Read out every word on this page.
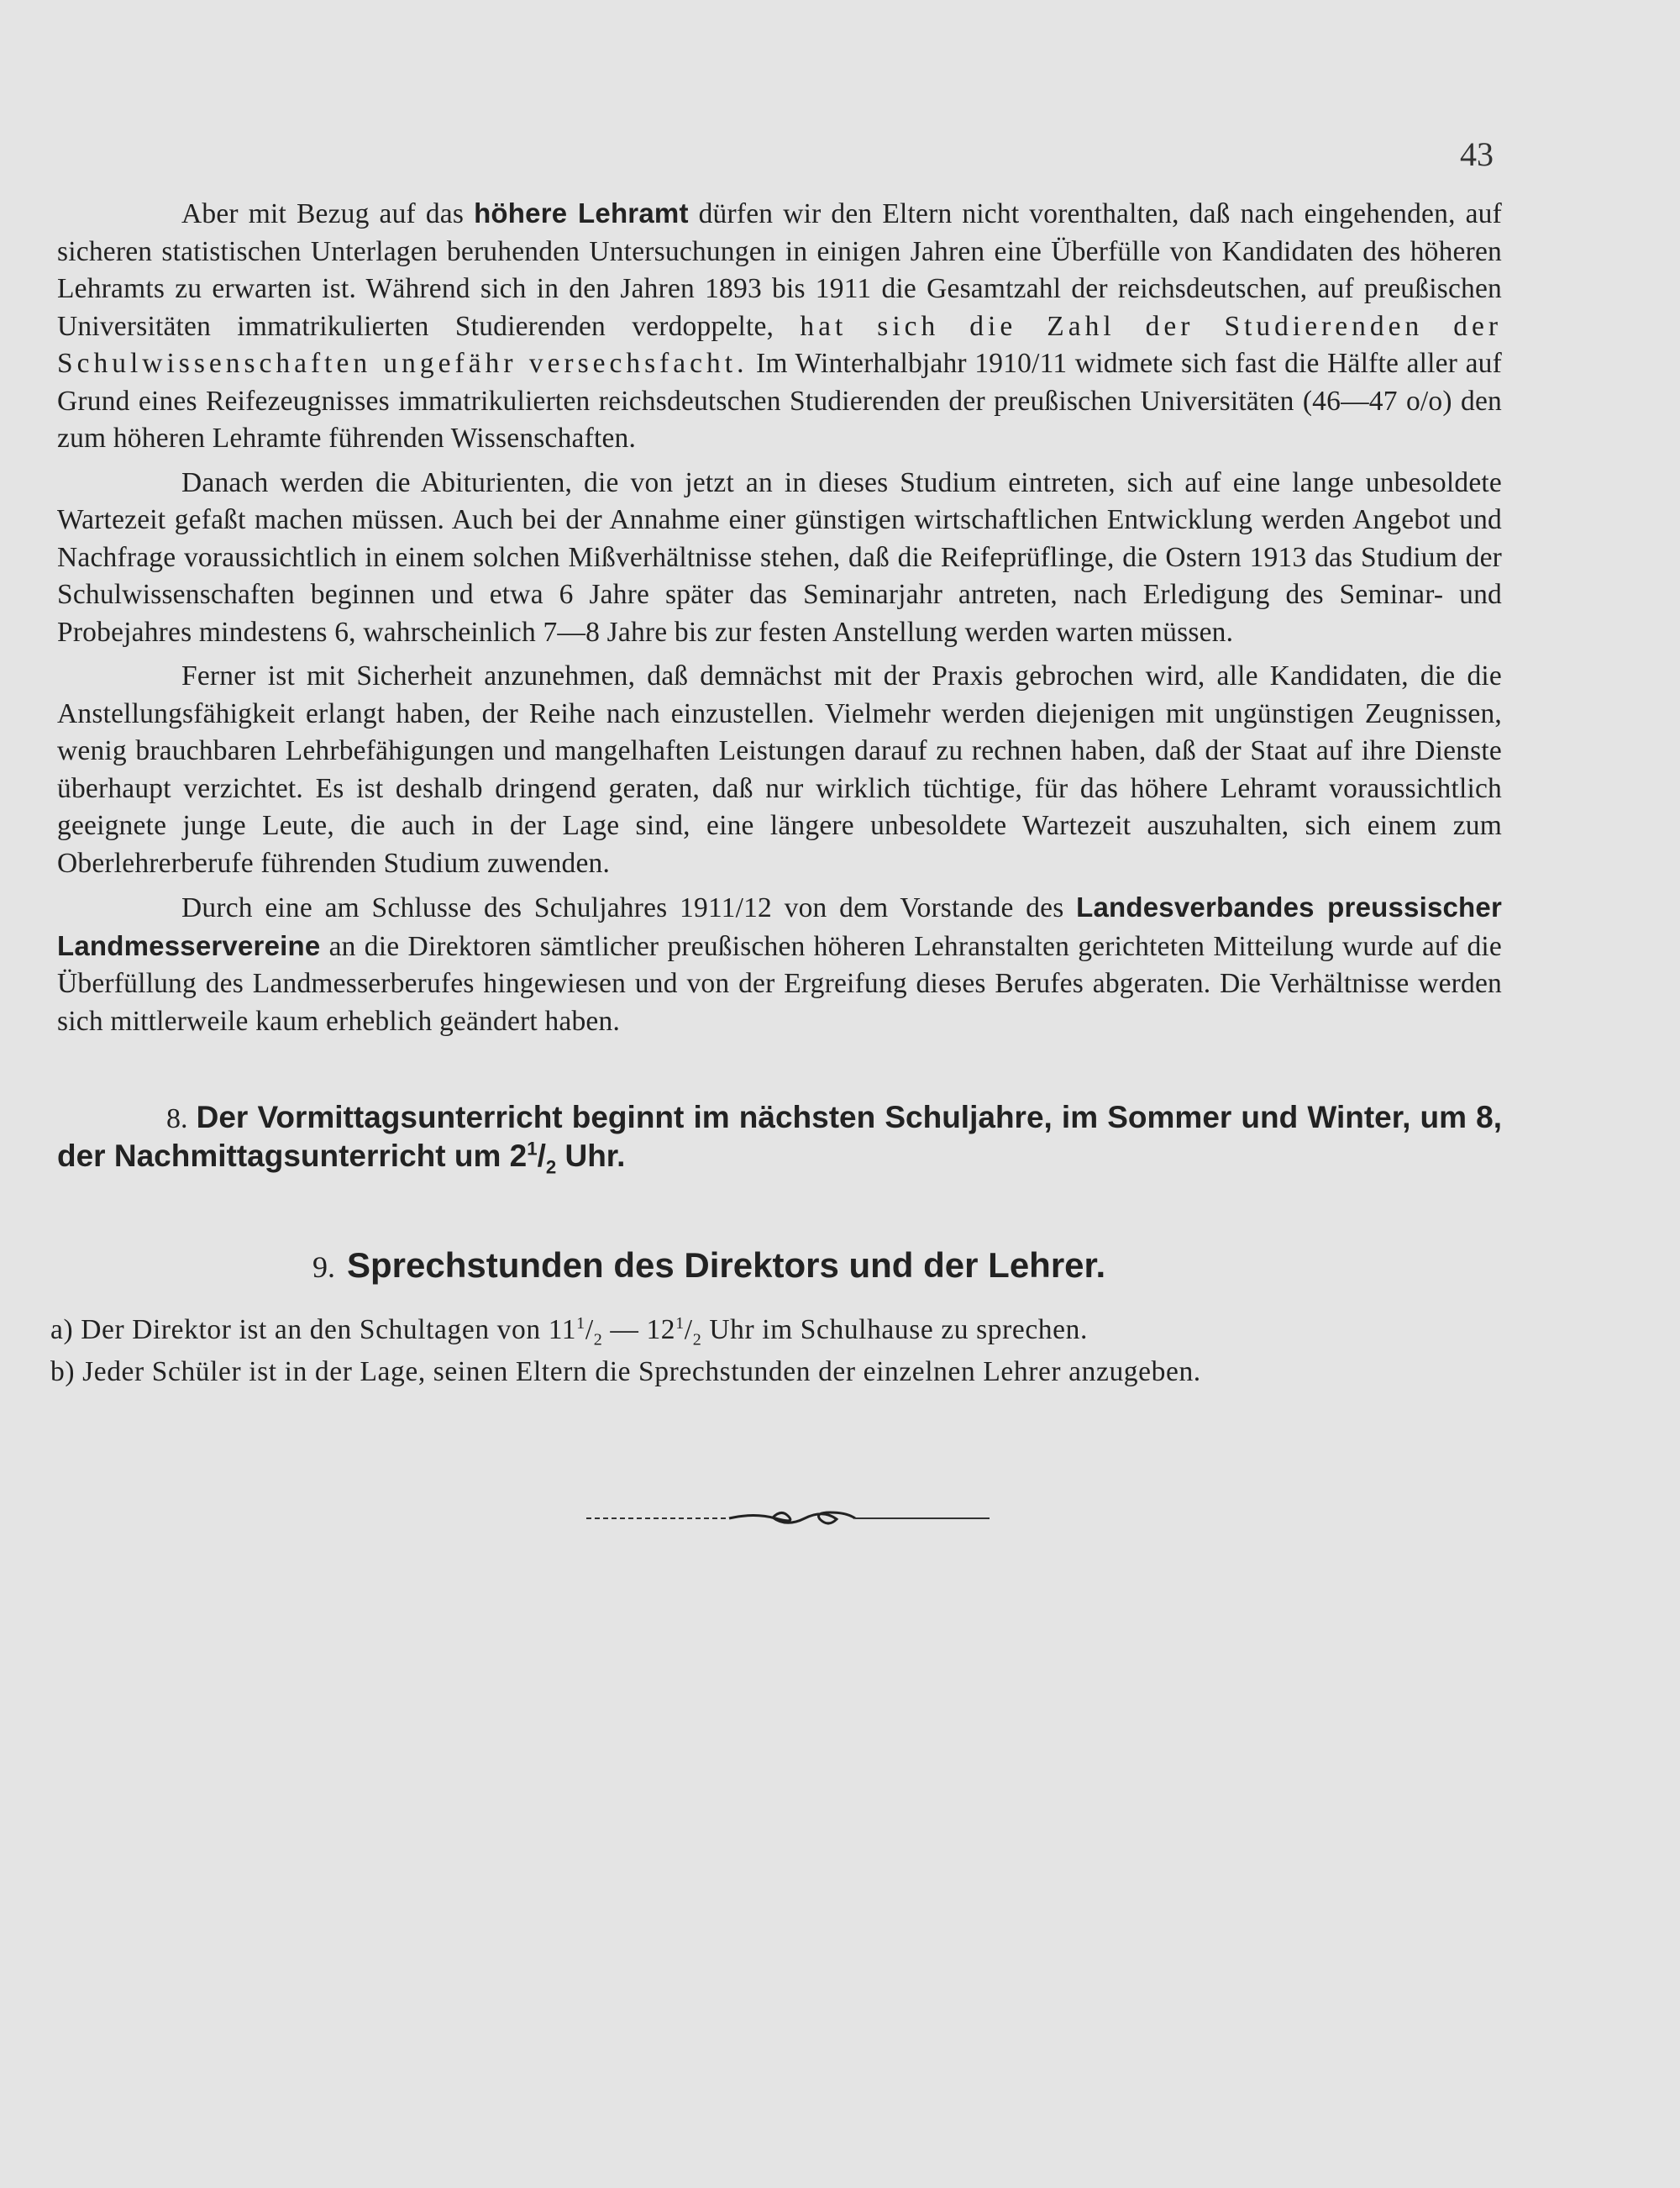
43

Aber mit Bezug auf das höhere Lehramt dürfen wir den Eltern nicht vorenthalten, daß nach eingehenden, auf sicheren statistischen Unterlagen beruhenden Untersuchungen in einigen Jahren eine Überfülle von Kandidaten des höheren Lehramts zu erwarten ist. Während sich in den Jahren 1893 bis 1911 die Gesamtzahl der reichsdeutschen, auf preußischen Universitäten immatrikulierten Studierenden verdoppelte, hat sich die Zahl der Studierenden der Schulwissenschaften ungefähr versechsfacht. Im Winterhalbjahr 1910/11 widmete sich fast die Hälfte aller auf Grund eines Reifezeugnisses immatrikulierten reichsdeutschen Studierenden der preußischen Universitäten (46—47 o/o) den zum höheren Lehramte führenden Wissenschaften.

Danach werden die Abiturienten, die von jetzt an in dieses Studium eintreten, sich auf eine lange unbesoldete Wartezeit gefaßt machen müssen. Auch bei der Annahme einer günstigen wirtschaftlichen Entwicklung werden Angebot und Nachfrage voraussichtlich in einem solchen Mißverhältnisse stehen, daß die Reifeprüflinge, die Ostern 1913 das Studium der Schulwissenschaften beginnen und etwa 6 Jahre später das Seminarjahr antreten, nach Erledigung des Seminar- und Probejahres mindestens 6, wahrscheinlich 7—8 Jahre bis zur festen Anstellung werden warten müssen.

Ferner ist mit Sicherheit anzunehmen, daß demnächst mit der Praxis gebrochen wird, alle Kandidaten, die die Anstellungsfähigkeit erlangt haben, der Reihe nach einzustellen. Vielmehr werden diejenigen mit ungünstigen Zeugnissen, wenig brauchbaren Lehrbefähigungen und mangelhaften Leistungen darauf zu rechnen haben, daß der Staat auf ihre Dienste überhaupt verzichtet. Es ist deshalb dringend geraten, daß nur wirklich tüchtige, für das höhere Lehramt voraussichtlich geeignete junge Leute, die auch in der Lage sind, eine längere unbesoldete Wartezeit auszuhalten, sich einem zum Oberlehrerberufe führenden Studium zuwenden.

Durch eine am Schlusse des Schuljahres 1911/12 von dem Vorstande des Landesverbandes preussischer Landmesservereine an die Direktoren sämtlicher preußischen höheren Lehranstalten gerichteten Mitteilung wurde auf die Überfüllung des Landmesserberufes hingewiesen und von der Ergreifung dieses Berufes abgeraten. Die Verhältnisse werden sich mittlerweile kaum erheblich geändert haben.

8. Der Vormittagsunterricht beginnt im nächsten Schuljahre, im Sommer und Winter, um 8, der Nachmittagsunterricht um $2^1/_2$ Uhr.
9. Sprechstunden des Direktors und der Lehrer.
a) Der Direktor ist an den Schultagen von $11^1/_2$ — $12^1/_2$ Uhr im Schulhause zu sprechen.
b) Jeder Schüler ist in der Lage, seinen Eltern die Sprechstunden der einzelnen Lehrer anzugeben.
